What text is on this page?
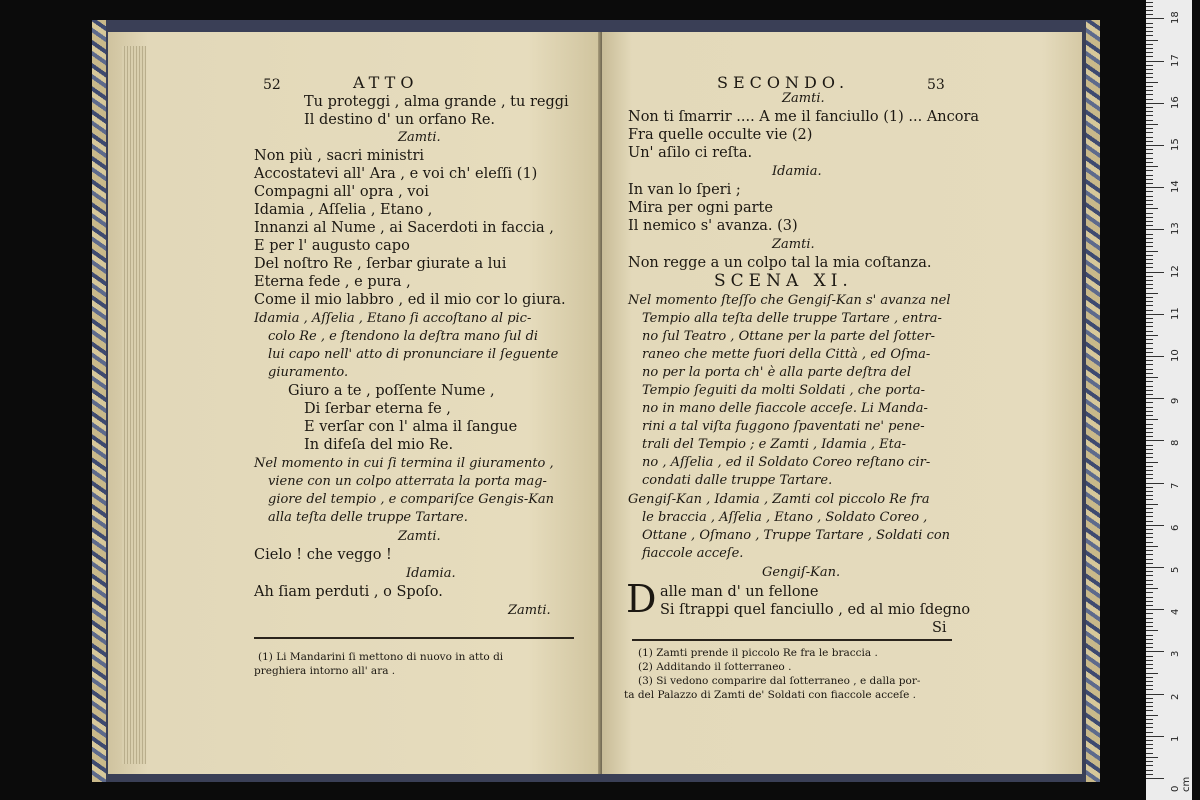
52	ATTO
Tu proteggi , alma grande , tu reggi
Il destino d' un orfano Re.
Zamti.
Non più , sacri ministri
Accostatevi all' Ara , e voi ch' eleſſi (1)
Compagni all' opra , voi
Idamia , Aſſelia , Etano ,
Innanzi al Nume , ai Sacerdoti in faccia ,
E per l' augusto capo
Del noſtro Re , ſerbar giurate a lui
Eterna fede , e pura ,
Come il mio labbro , ed il mio cor lo giura.
Idamia , Aſſelia , Etano ſi accoſtano al pic-
colo Re , e ſtendono la deſtra mano ſul di
lui capo nell' atto di pronunciare il ſeguente
giuramento.
Giuro a te , poſſente Nume ,
Di ſerbar eterna fe ,
E verſar con l' alma il ſangue
In difeſa del mio Re.
Nel momento in cui ſi termina il giuramento ,
viene con un colpo atterrata la porta mag-
giore del tempio , e compariſce Gengis-Kan
alla teſta delle truppe Tartare.
Zamti.
Cielo ! che veggo !
Idamia.
Ah ſiam perduti , o Spoſo.
Zamti.
(1) Li Mandarini ſi mettono di nuovo in atto di
preghiera intorno all' ara .
SECONDO.	53
Zamti.
Non ti ſmarrir .... A me il fanciullo (1) ... Ancora
Fra quelle occulte vie (2)
Un' aſilo ci reſta.
Idamia.
In van lo ſperi ;
Mira per ogni parte
Il nemico s' avanza. (3)
Zamti.
Non regge a un colpo tal la mia coſtanza.
SCENA XI.
Nel momento ſteſſo che Gengiſ-Kan s' avanza nel
Tempio alla teſta delle truppe Tartare , entra-
no ſul Teatro , Ottane per la parte del ſotter-
raneo che mette fuori della Città , ed Oſma-
no per la porta ch' è alla parte deſtra del
Tempio ſeguiti da molti Soldati , che porta-
no in mano delle fiaccole acceſe. Li Manda-
rini a tal viſta fuggono ſpaventati ne' pene-
trali del Tempio ; e Zamti , Idamia , Eta-
no , Aſſelia , ed il Soldato Coreo reſtano cir-
condati dalle truppe Tartare.
Gengiſ-Kan , Idamia , Zamti col piccolo Re fra
le braccia , Aſſelia , Etano , Soldato Coreo ,
Ottane , Oſmano , Truppe Tartare , Soldati con
fiaccole acceſe.
Gengiſ-Kan.
alle man d' un fellone
Si ſtrappi quel fanciullo , ed al mio ſdegno
Si
D
(1) Zamti prende il piccolo Re fra le braccia .
(2) Additando il ſotterraneo .
(3) Si vedono comparire dal ſotterraneo , e dalla por-
ta del Palazzo di Zamti de' Soldati con fiaccole acceſe .
0 cm
1
2
3
4
5
6
7
8
9
10
11
12
13
14
15
16
17
18
